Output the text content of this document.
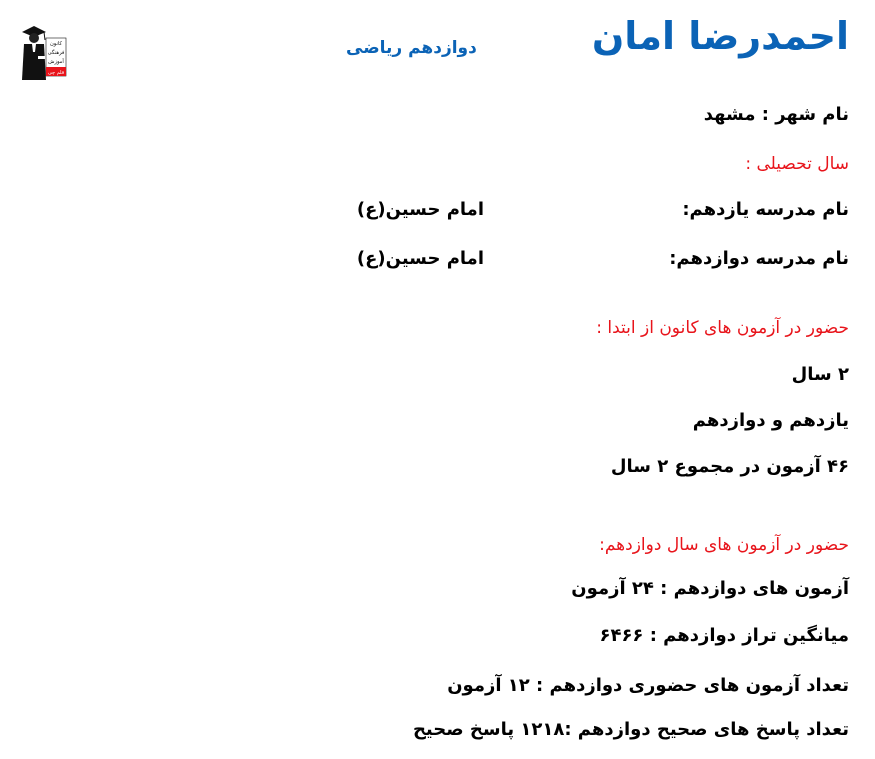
کانون
فرهنگی
آموزش
قلم چی
احمدرضا امان
دوازدهم ریاضی
نام شهر : مشهد
سال تحصیلی :
نام مدرسه یازدهم:
امام حسین(ع)
نام مدرسه دوازدهم:
امام حسین(ع)
حضور در آزمون های کانون از ابتدا :
۲ سال
یازدهم و دوازدهم
۴۶ آزمون در مجموع ۲ سال
حضور در آزمون های سال دوازدهم:
آزمون های دوازدهم : ۲۴ آزمون
میانگین تراز دوازدهم : ۶۴۶۶
تعداد آزمون های حضوری دوازدهم : ۱۲ آزمون
تعداد پاسخ های صحیح دوازدهم :۱۲۱۸ پاسخ صحیح
